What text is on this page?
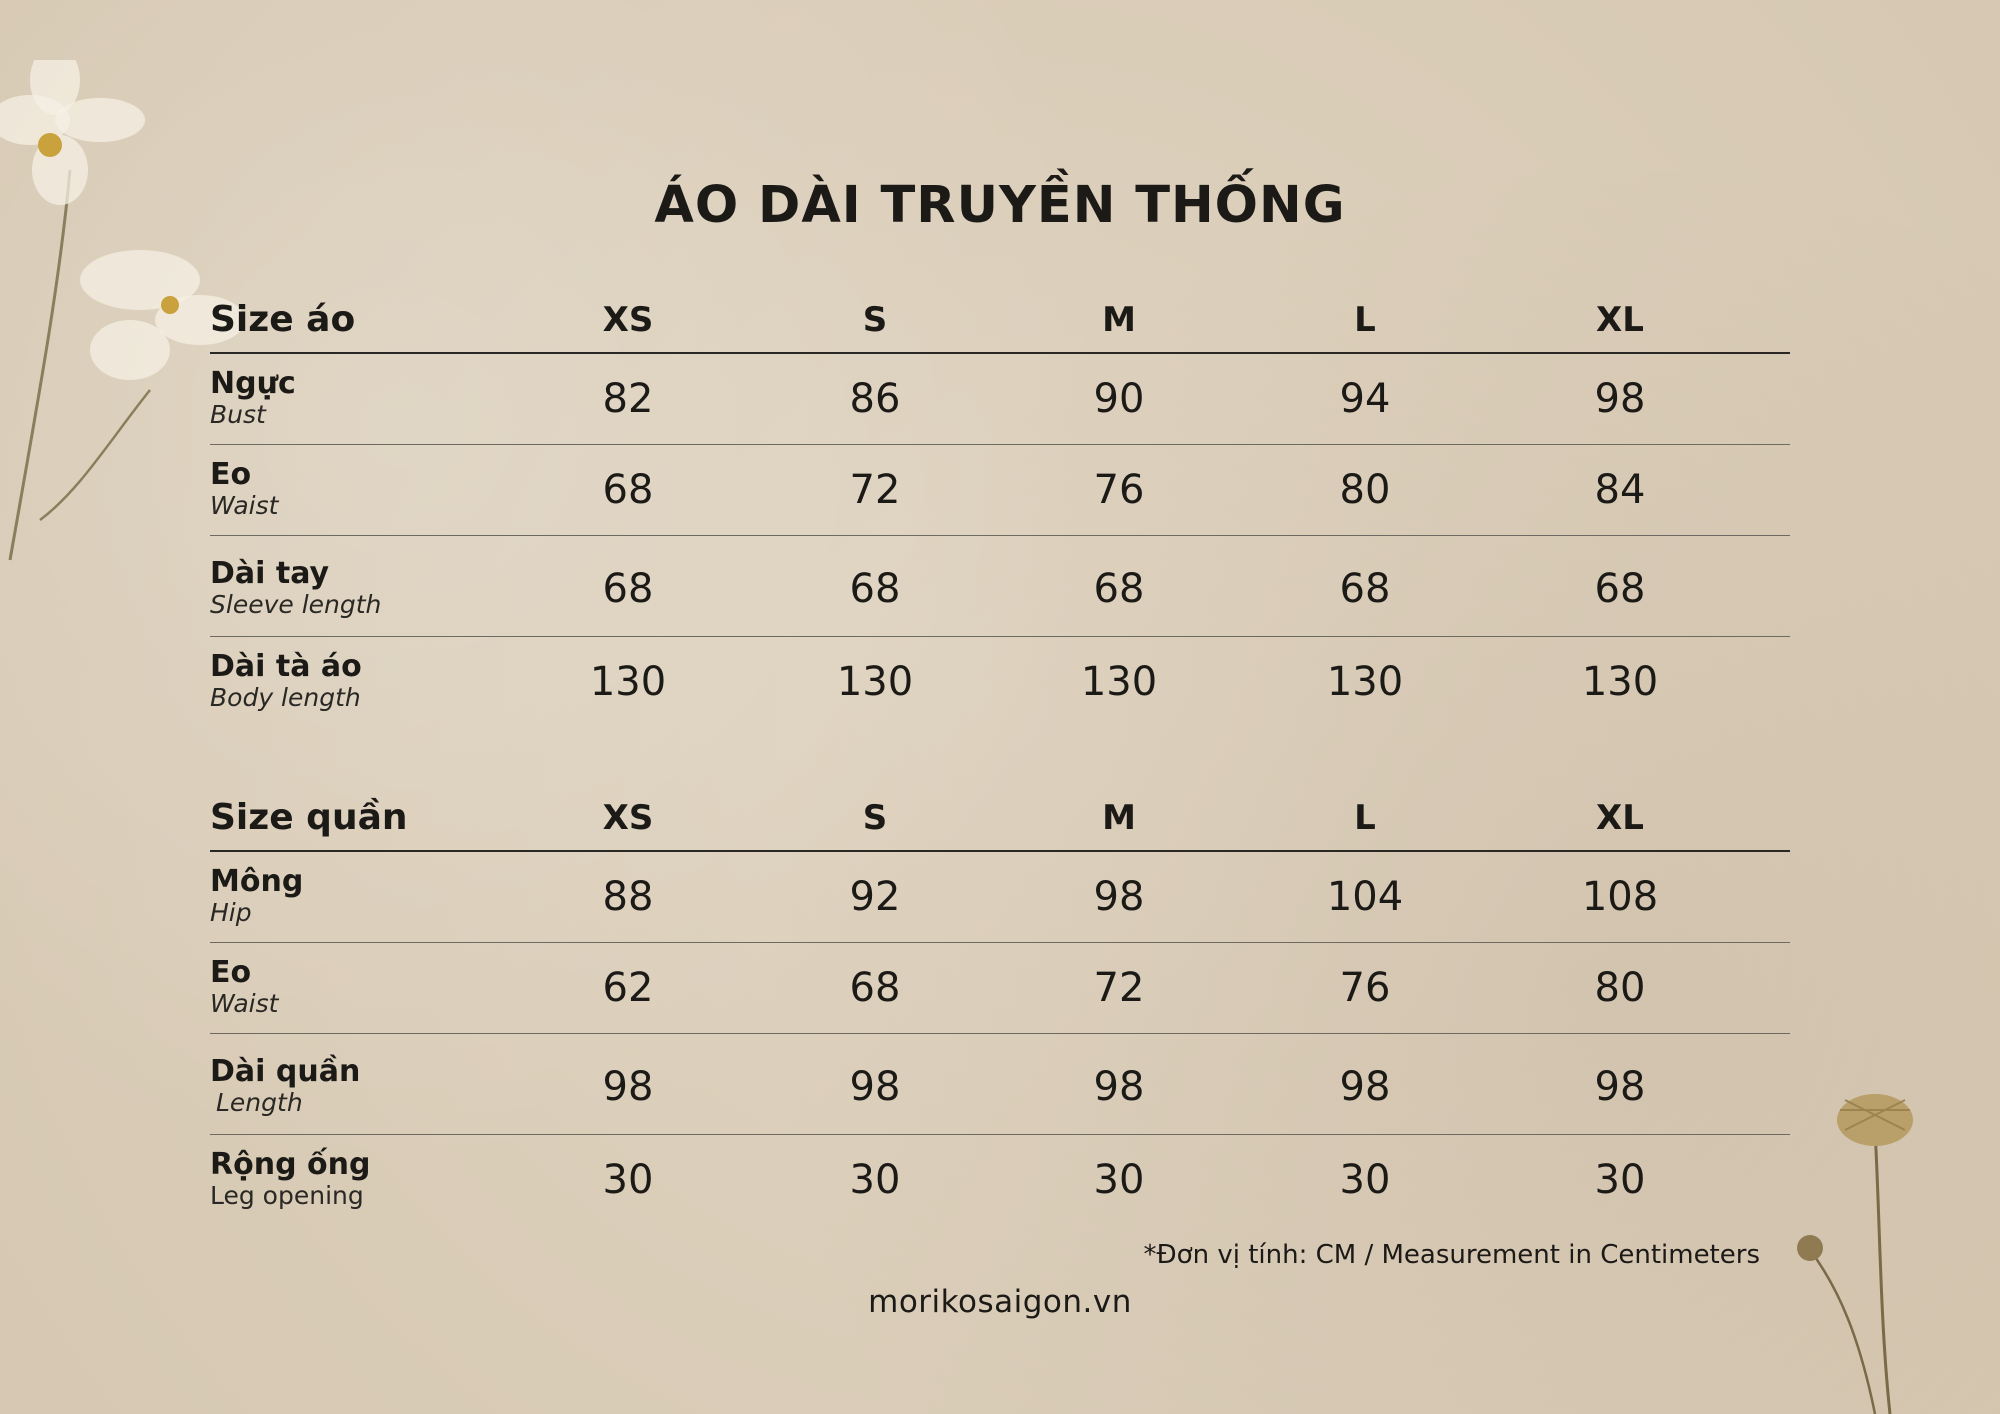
ÁO DÀI TRUYỀN THỐNG
Size áo	XS	S	M	L	XL
Ngực
Bust	82	86	90	94	98
Eo
Waist	68	72	76	80	84
Dài tay
Sleeve length	68	68	68	68	68
Dài tà áo
Body length	130	130	130	130	130
Size quần	XS	S	M	L	XL
Mông
Hip	88	92	98	104	108
Eo
Waist	62	68	72	76	80
Dài quần
Length	98	98	98	98	98
Rộng ống
Leg opening	30	30	30	30	30
*Đơn vị tính: CM / Measurement in Centimeters
morikosaigon.vn
